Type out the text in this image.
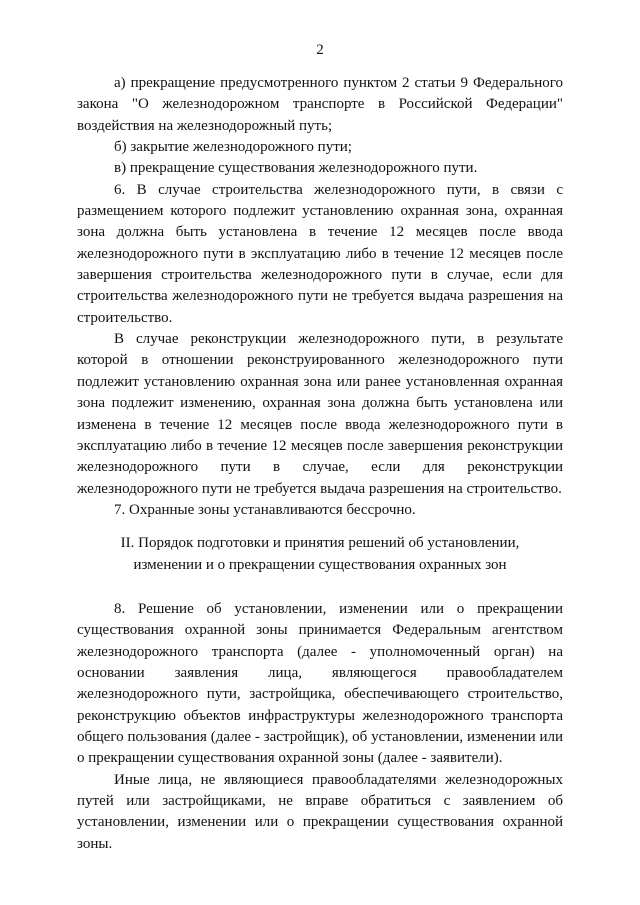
2

а) прекращение предусмотренного пунктом 2 статьи 9 Федерального закона "О железнодорожном транспорте в Российской Федерации" воздействия на железнодорожный путь;

б) закрытие железнодорожного пути;

в) прекращение существования железнодорожного пути.

6. В случае строительства железнодорожного пути, в связи с размещением которого подлежит установлению охранная зона, охранная зона должна быть установлена в течение 12 месяцев после ввода железнодорожного пути в эксплуатацию либо в течение 12 месяцев после завершения строительства железнодорожного пути в случае, если для строительства железнодорожного пути не требуется выдача разрешения на строительство.

В случае реконструкции железнодорожного пути, в результате которой в отношении реконструированного железнодорожного пути подлежит установлению охранная зона или ранее установленная охранная зона подлежит изменению, охранная зона должна быть установлена или изменена в течение 12 месяцев после ввода железнодорожного пути в эксплуатацию либо в течение 12 месяцев после завершения реконструкции железнодорожного пути в случае, если для реконструкции железнодорожного пути не требуется выдача разрешения на строительство.

7. Охранные зоны устанавливаются бессрочно.

II. Порядок подготовки и принятия решений об установлении,
изменении и о прекращении существования охранных зон

8. Решение об установлении, изменении или о прекращении существования охранной зоны принимается Федеральным агентством железнодорожного транспорта (далее - уполномоченный орган) на основании заявления лица, являющегося правообладателем железнодорожного пути, застройщика, обеспечивающего строительство, реконструкцию объектов инфраструктуры железнодорожного транспорта общего пользования (далее - застройщик), об установлении, изменении или о прекращении существования охранной зоны (далее - заявители).

Иные лица, не являющиеся правообладателями железнодорожных путей или застройщиками, не вправе обратиться с заявлением об установлении, изменении или о прекращении существования охранной зоны.
